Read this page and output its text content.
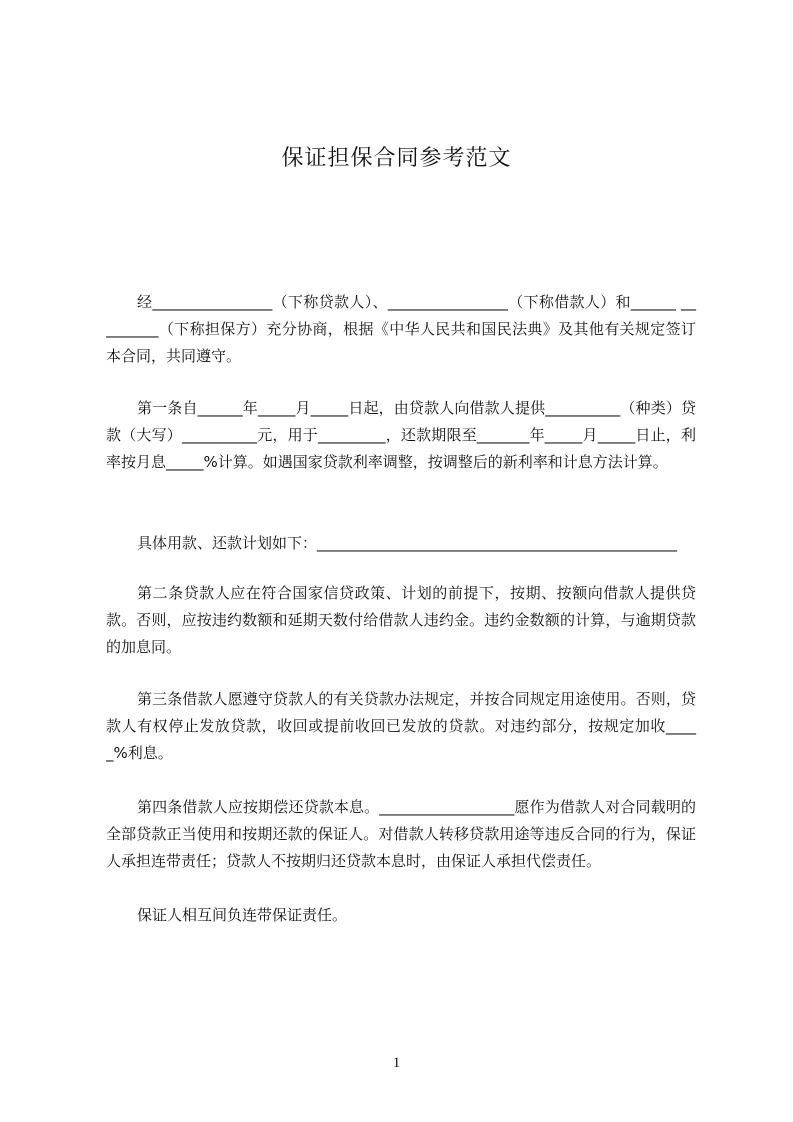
保证担保合同参考范文

经________________（下称贷款人）、________________（下称借款人）和______ _________（下称担保方）充分协商，根据《中华人民共和国民法典》及其他有关规定签订本合同，共同遵守。

第一条自______年_____月_____日起，由贷款人向借款人提供__________（种类）贷款（大写）__________元，用于_________，还款期限至_______年_____月_____日止，利率按月息_____%计算。如遇国家贷款利率调整，按调整后的新利率和计息方法计算。

具体用款、还款计划如下：________________________________________________

第二条贷款人应在符合国家信贷政策、计划的前提下，按期、按额向借款人提供贷款。否则，应按违约数额和延期天数付给借款人违约金。违约金数额的计算，与逾期贷款的加息同。

第三条借款人愿遵守贷款人的有关贷款办法规定，并按合同规定用途使用。否则，贷款人有权停止发放贷款，收回或提前收回已发放的贷款。对违约部分，按规定加收_____%利息。

第四条借款人应按期偿还贷款本息。__________________愿作为借款人对合同载明的全部贷款正当使用和按期还款的保证人。对借款人转移贷款用途等违反合同的行为，保证人承担连带责任；贷款人不按期归还贷款本息时，由保证人承担代偿责任。

保证人相互间负连带保证责任。

1
